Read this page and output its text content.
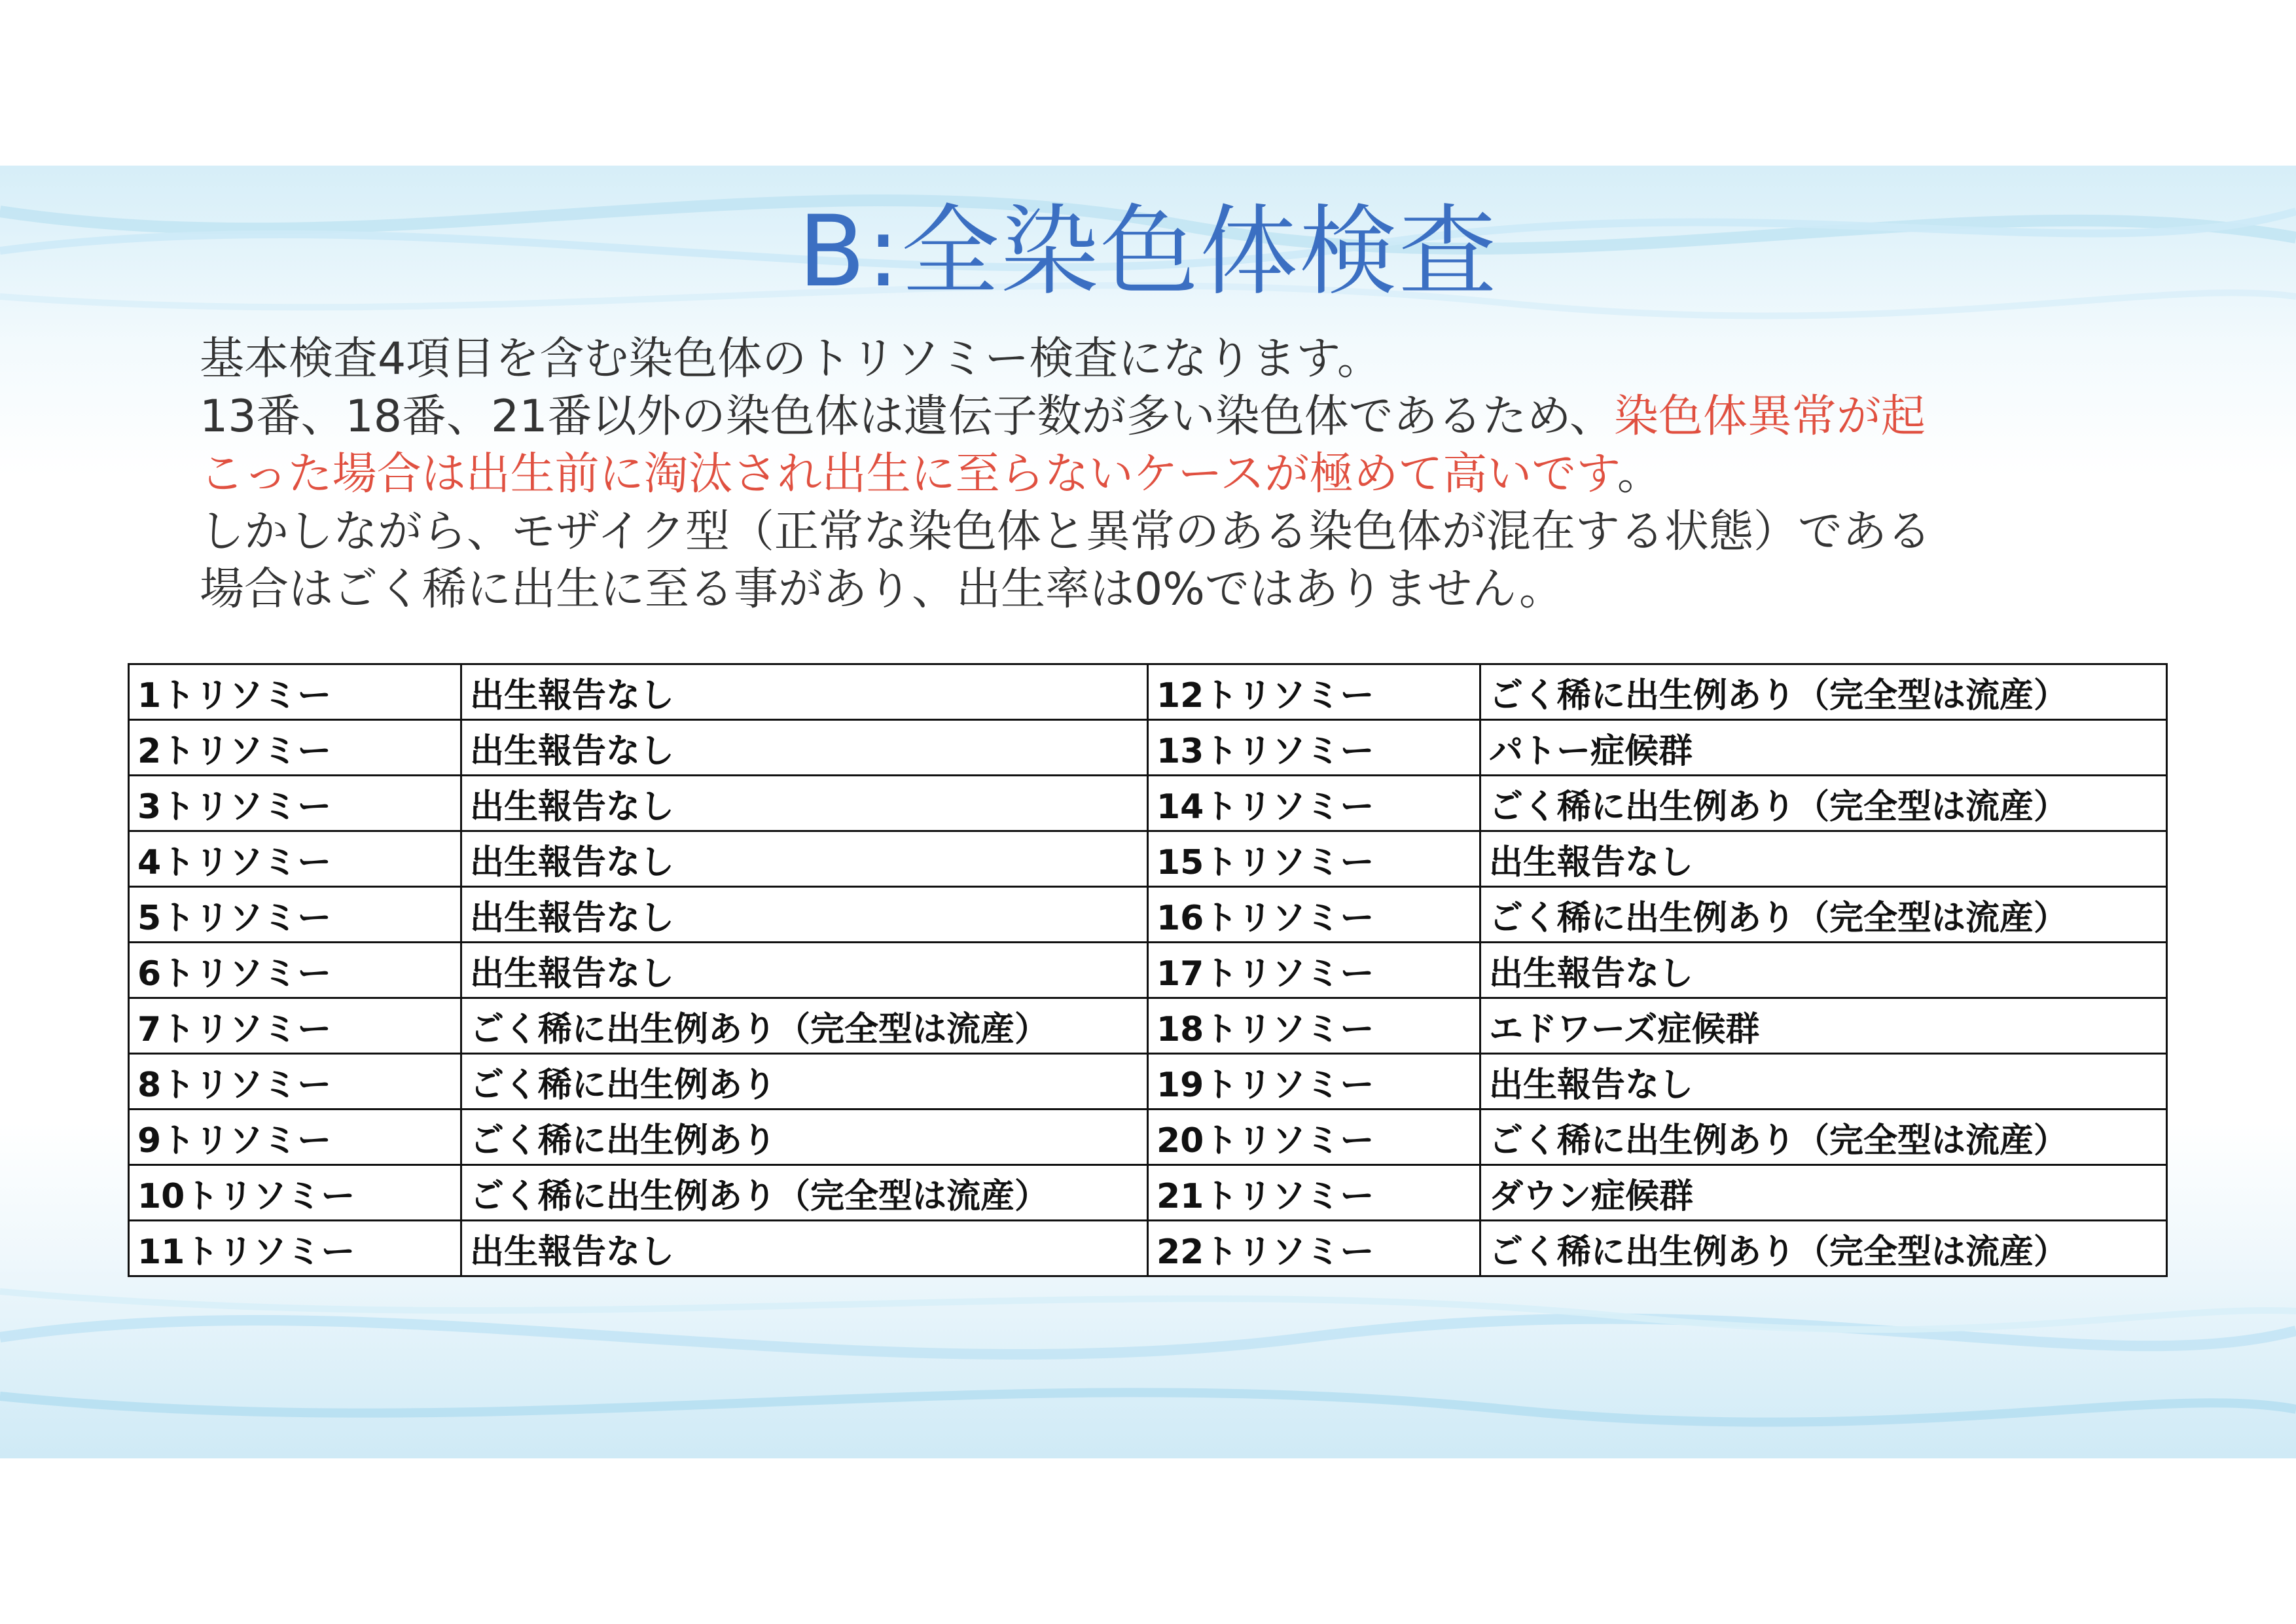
B:全染色体検査

基本検査4項目を含む染色体のトリソミー検査になります。

13番、18番、21番以外の染色体は遺伝子数が多い染色体であるため、染色体異常が起

こった場合は出生前に淘汰され出生に至らないケースが極めて高いです。

しかしながら、モザイク型（正常な染色体と異常のある染色体が混在する状態）である

場合はごく稀に出生に至る事があり、出生率は0%ではありません。

1トリソミー	出生報告なし	12トリソミー	ごく稀に出生例あり（完全型は流産）
2トリソミー	出生報告なし	13トリソミー	パトー症候群
3トリソミー	出生報告なし	14トリソミー	ごく稀に出生例あり（完全型は流産）
4トリソミー	出生報告なし	15トリソミー	出生報告なし
5トリソミー	出生報告なし	16トリソミー	ごく稀に出生例あり（完全型は流産）
6トリソミー	出生報告なし	17トリソミー	出生報告なし
7トリソミー	ごく稀に出生例あり（完全型は流産）	18トリソミー	エドワーズ症候群
8トリソミー	ごく稀に出生例あり	19トリソミー	出生報告なし
9トリソミー	ごく稀に出生例あり	20トリソミー	ごく稀に出生例あり（完全型は流産）
10トリソミー	ごく稀に出生例あり（完全型は流産）	21トリソミー	ダウン症候群
11トリソミー	出生報告なし	22トリソミー	ごく稀に出生例あり（完全型は流産）
